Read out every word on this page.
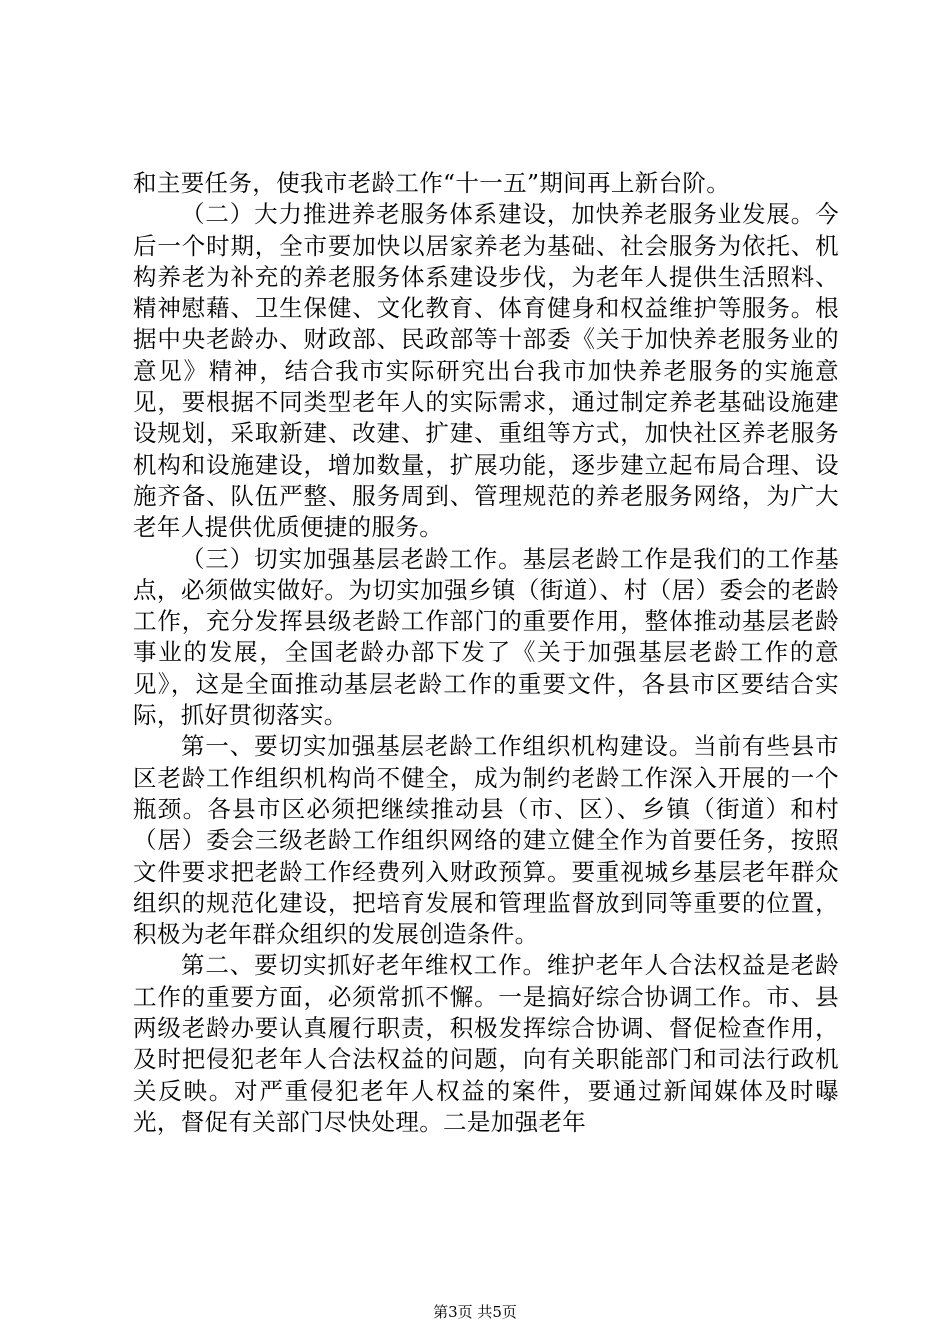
和主要任务，使我市老龄工作“十一五”期间再上新台阶。

（二）大力推进养老服务体系建设，加快养老服务业发展。今后一个时期，全市要加快以居家养老为基础、社会服务为依托、机构养老为补充的养老服务体系建设步伐，为老年人提供生活照料、精神慰藉、卫生保健、文化教育、体育健身和权益维护等服务。根据中央老龄办、财政部、民政部等十部委《关于加快养老服务业的意见》精神，结合我市实际研究出台我市加快养老服务的实施意见，要根据不同类型老年人的实际需求，通过制定养老基础设施建设规划，采取新建、改建、扩建、重组等方式，加快社区养老服务机构和设施建设，增加数量，扩展功能，逐步建立起布局合理、设施齐备、队伍严整、服务周到、管理规范的养老服务网络，为广大老年人提供优质便捷的服务。

（三）切实加强基层老龄工作。基层老龄工作是我们的工作基点，必须做实做好。为切实加强乡镇（街道）、村（居）委会的老龄工作，充分发挥县级老龄工作部门的重要作用，整体推动基层老龄事业的发展，全国老龄办部下发了《关于加强基层老龄工作的意见》，这是全面推动基层老龄工作的重要文件，各县市区要结合实际，抓好贯彻落实。

第一、要切实加强基层老龄工作组织机构建设。当前有些县市区老龄工作组织机构尚不健全，成为制约老龄工作深入开展的一个瓶颈。各县市区必须把继续推动县（市、区）、乡镇（街道）和村（居）委会三级老龄工作组织网络的建立健全作为首要任务，按照文件要求把老龄工作经费列入财政预算。要重视城乡基层老年群众组织的规范化建设，把培育发展和管理监督放到同等重要的位置，积极为老年群众组织的发展创造条件。

第二、要切实抓好老年维权工作。维护老年人合法权益是老龄工作的重要方面，必须常抓不懈。一是搞好综合协调工作。市、县两级老龄办要认真履行职责，积极发挥综合协调、督促检查作用，及时把侵犯老年人合法权益的问题，向有关职能部门和司法行政机关反映。对严重侵犯老年人权益的案件，要通过新闻媒体及时曝光，督促有关部门尽快处理。二是加强老年

第3页 共5页
